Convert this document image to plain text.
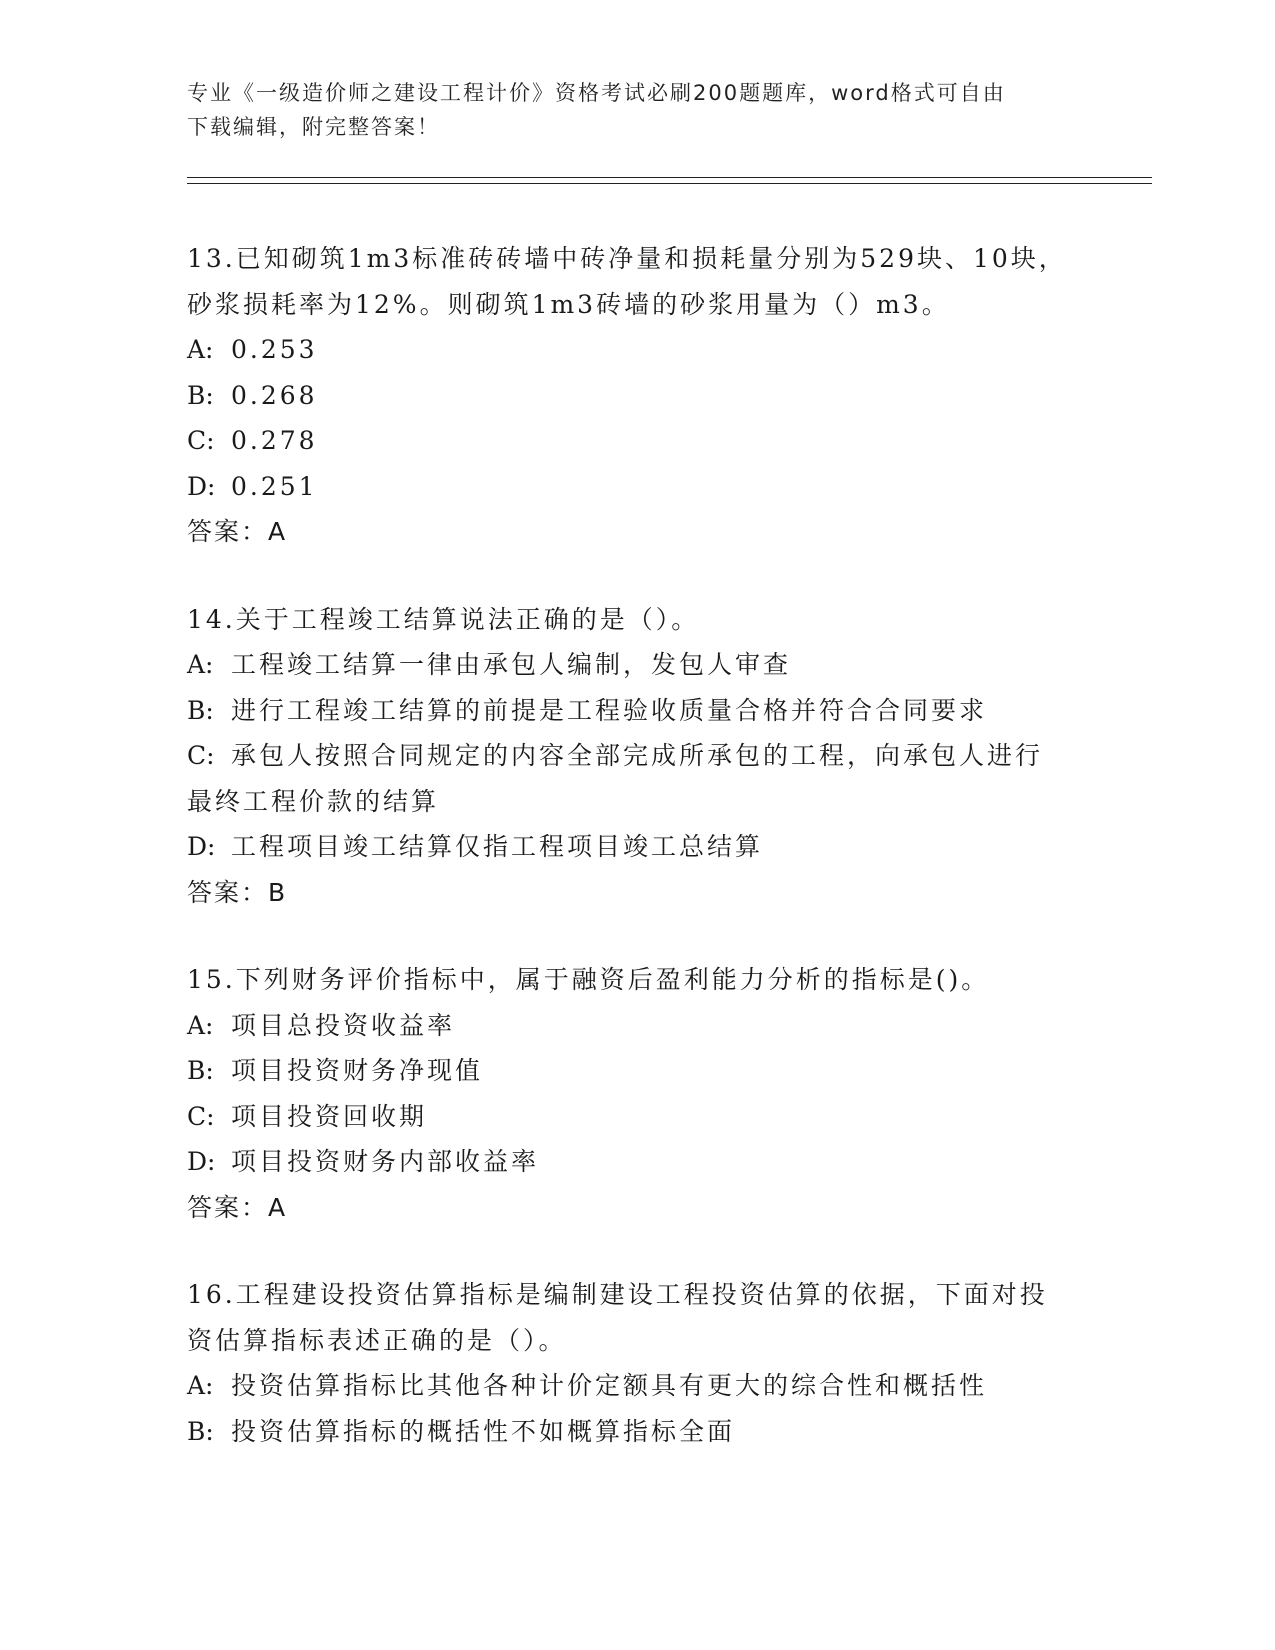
专业《一级造价师之建设工程计价》资格考试必刷200题题库，word格式可自由
下载编辑，附完整答案！

13.已知砌筑1m3标准砖砖墙中砖净量和损耗量分别为529块、10块，

砂浆损耗率为12%。则砌筑1m3砖墙的砂浆用量为（）m3。

A: 0.253

B: 0.268

C: 0.278

D: 0.251

答案：A

14.关于工程竣工结算说法正确的是（）。

A: 工程竣工结算一律由承包人编制，发包人审查

B: 进行工程竣工结算的前提是工程验收质量合格并符合合同要求

C: 承包人按照合同规定的内容全部完成所承包的工程，向承包人进行

最终工程价款的结算

D: 工程项目竣工结算仅指工程项目竣工总结算

答案：B

15.下列财务评价指标中，属于融资后盈利能力分析的指标是()。

A: 项目总投资收益率

B: 项目投资财务净现值

C: 项目投资回收期

D: 项目投资财务内部收益率

答案：A

16.工程建设投资估算指标是编制建设工程投资估算的依据，下面对投

资估算指标表述正确的是（）。

A: 投资估算指标比其他各种计价定额具有更大的综合性和概括性

B: 投资估算指标的概括性不如概算指标全面
